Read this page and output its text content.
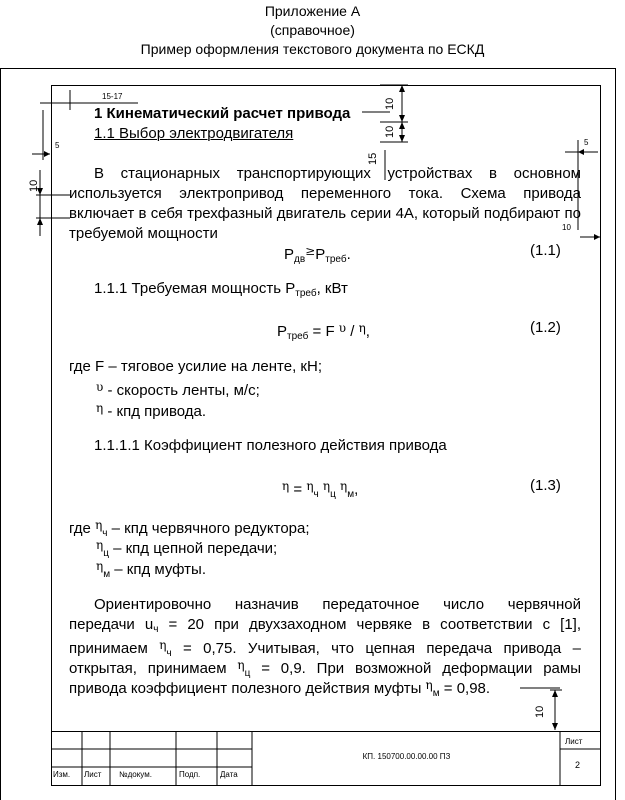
Приложение А
(справочное)
Пример оформления текстового документа по ЕСКД
15-17
5
10
10
10
15
5
10
10
1 Кинематический расчет привода
1.1 Выбор электродвигателя
В стационарных транспортирующих устройствах в основном используется электропривод переменного тока. Схема привода включает в себя трехфазный двигатель серии 4А, который подбирают по требуемой мощности
$Р_{дв}^\ge Р_{треб}$.	(1.1)
1.1.1 Требуемая мощность $Р_{треб}$, кВт
$Р_{треб} = F$ $^\upsilon$ / $^\eta$,	(1.2)
где F – тяговое усилие на ленте, кН;
$^\upsilon$ - скорость ленты, м/с;
$^\eta$ - кпд привода.
1.1.1.1 Коэффициент полезного действия привода
$^\eta$ = $^\eta_ч$ $^\eta_ц$ $^\eta_м$,	(1.3)
где $^\eta_ч$ – кпд червячного редуктора;
$^\eta_ц$ – кпд цепной передачи;
$^\eta_м$ – кпд муфты.
Ориентировочно назначив передаточное число червячной
передачи $u_ч = 20$ при двухзаходном червяке в соответствии с [1],
принимаем $^\eta_ч$ = 0,75. Учитывая, что цепная передача привода –
открытая, принимаем $^\eta_ц$ = 0,9. При возможной деформации рамы
привода коэффициент полезного действия муфты $^\eta_м$ = 0,98.
Изм. Лист №докум.	Подп. Дата
КП. 150700.00.00.00 ПЗ
Лист
2
